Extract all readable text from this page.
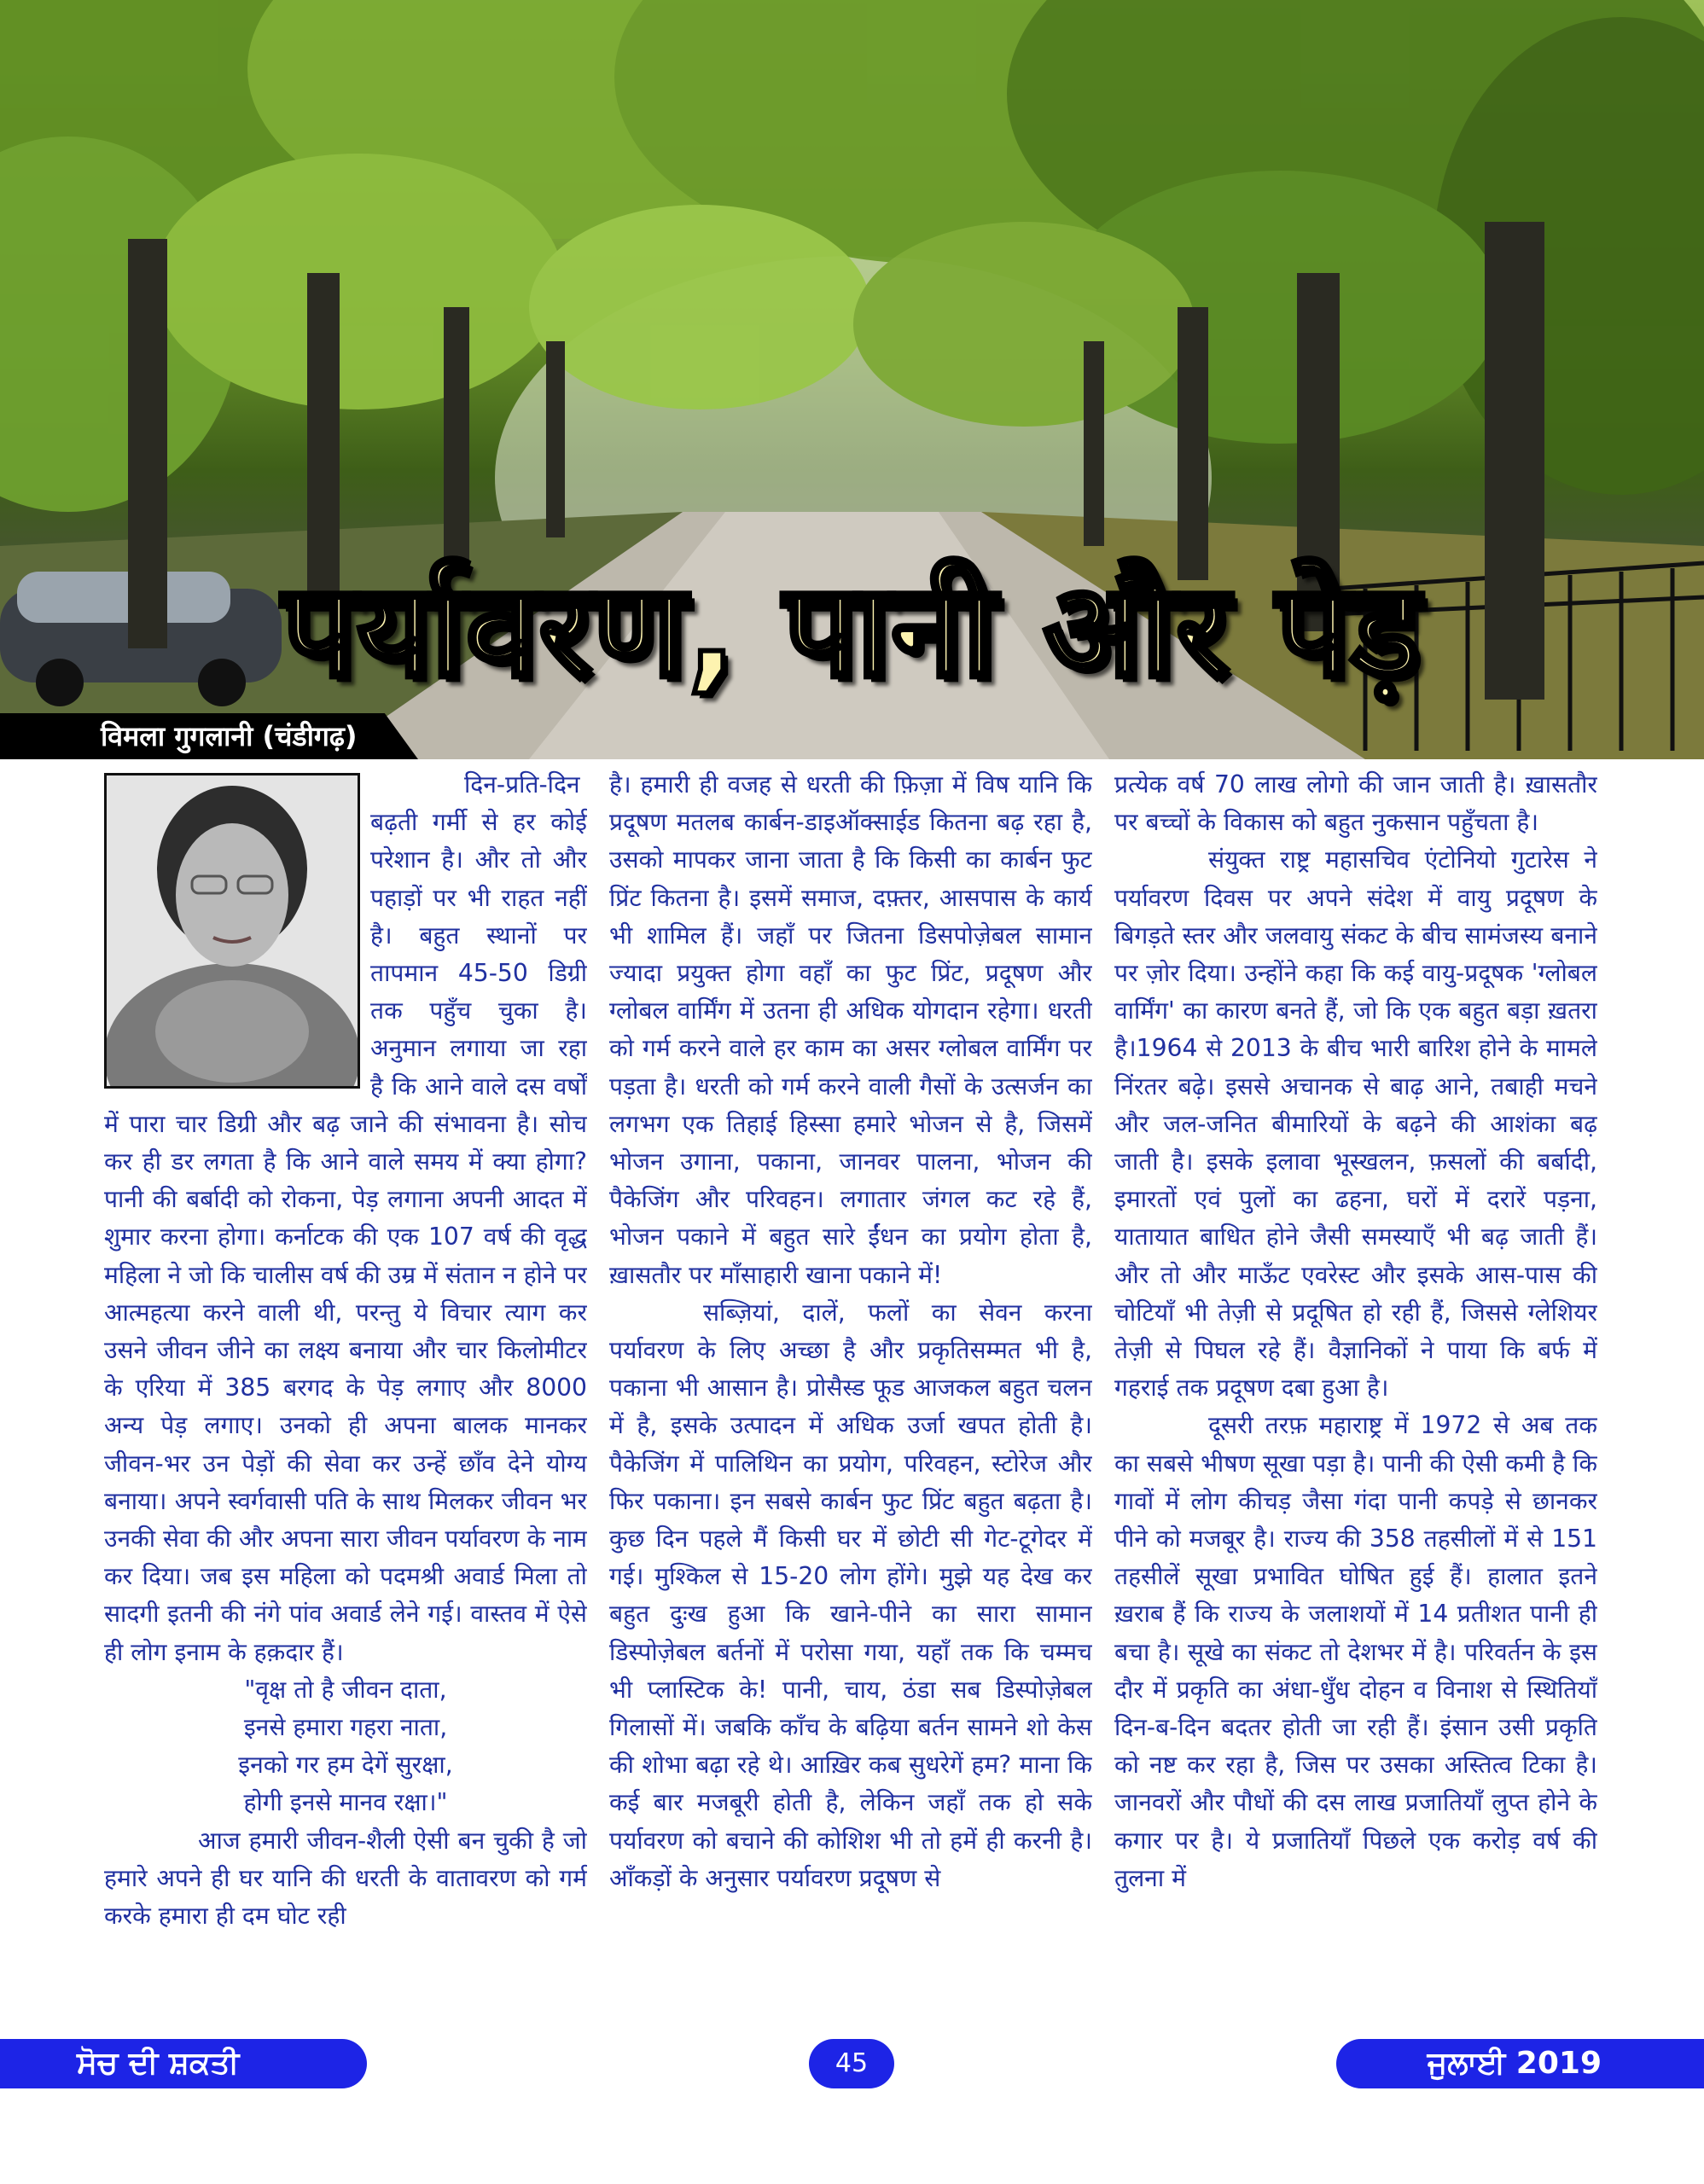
पर्यावरण, पानी और पेड़
विमला गुगलानी (चंडीगढ़)

दिन-प्रति-दिन बढ़ती गर्मी से हर कोई परेशान है। और तो और पहाड़ों पर भी राहत नहीं है। बहुत स्थानों पर तापमान 45-50 डिग्री तक पहुँच चुका है। अनुमान लगाया जा रहा है कि आने वाले दस वर्षों में पारा चार डिग्री और बढ़ जाने की संभावना है। सोच कर ही डर लगता है कि आने वाले समय में क्या होगा? पानी की बर्बादी को रोकना, पेड़ लगाना अपनी आदत में शुमार करना होगा। कर्नाटक की एक 107 वर्ष की वृद्ध महिला ने जो कि चालीस वर्ष की उम्र में संतान न होने पर आत्महत्या करने वाली थी, परन्तु ये विचार त्याग कर उसने जीवन जीने का लक्ष्य बनाया और चार किलोमीटर के एरिया में 385 बरगद के पेड़ लगाए और 8000 अन्य पेड़ लगाए। उनको ही अपना बालक मानकर जीवन-भर उन पेड़ों की सेवा कर उन्हें छाँव देने योग्य बनाया। अपने स्वर्गवासी पति के साथ मिलकर जीवन भर उनकी सेवा की और अपना सारा जीवन पर्यावरण के नाम कर दिया। जब इस महिला को पदमश्री अवार्ड मिला तो सादगी इतनी की नंगे पांव अवार्ड लेने गई। वास्तव में ऐसे ही लोग इनाम के हक़दार हैं।

"वृक्ष तो है जीवन दाता,

इनसे हमारा गहरा नाता,

इनको गर हम देगें सुरक्षा,

होगी इनसे मानव रक्षा।"

आज हमारी जीवन-शैली ऐसी बन चुकी है जो हमारे अपने ही घर यानि की धरती के वातावरण को गर्म करके हमारा ही दम घोट रही

है। हमारी ही वजह से धरती की फ़िज़ा में विष यानि कि प्रदूषण मतलब कार्बन-डाइऑक्साईड कितना बढ़ रहा है, उसको मापकर जाना जाता है कि किसी का कार्बन फुट प्रिंट कितना है। इसमें समाज, दफ़्तर, आसपास के कार्य भी शामिल हैं। जहाँ पर जितना डिसपोज़ेबल सामान ज्यादा प्रयुक्त होगा वहाँ का फुट प्रिंट, प्रदूषण और ग्लोबल वार्मिंग में उतना ही अधिक योगदान रहेगा। धरती को गर्म करने वाले हर काम का असर ग्लोबल वार्मिंग पर पड़ता है। धरती को गर्म करने वाली गैसों के उत्सर्जन का लगभग एक तिहाई हिस्सा हमारे भोजन से है, जिसमें भोजन उगाना, पकाना, जानवर पालना, भोजन की पैकेजिंग और परिवहन। लगातार जंगल कट रहे हैं, भोजन पकाने में बहुत सारे ईंधन का प्रयोग होता है, ख़ासतौर पर माँसाहारी खाना पकाने में!

सब्ज़ियां, दालें, फलों का सेवन करना पर्यावरण के लिए अच्छा है और प्रकृतिसम्मत भी है, पकाना भी आसान है। प्रोसैस्ड फूड आजकल बहुत चलन में है, इसके उत्पादन में अधिक उर्जा खपत होती है। पैकेजिंग में पालिथिन का प्रयोग, परिवहन, स्टोरेज और फिर पकाना। इन सबसे कार्बन फुट प्रिंट बहुत बढ़ता है। कुछ दिन पहले मैं किसी घर में छोटी सी गेट-टूगेदर में गई। मुश्किल से 15-20 लोग होंगे। मुझे यह देख कर बहुत दुःख हुआ कि खाने-पीने का सारा सामान डिस्पोज़ेबल बर्तनों में परोसा गया, यहाँ तक कि चम्मच भी प्लास्टिक के! पानी, चाय, ठंडा सब डिस्पोज़ेबल गिलासों में। जबकि काँच के बढ़िया बर्तन सामने शो केस की शोभा बढ़ा रहे थे। आख़िर कब सुधरेगें हम? माना कि कई बार मजबूरी होती है, लेकिन जहाँ तक हो सके पर्यावरण को बचाने की कोशिश भी तो हमें ही करनी है। आँकड़ों के अनुसार पर्यावरण प्रदूषण से

प्रत्येक वर्ष 70 लाख लोगो की जान जाती है। ख़ासतौर पर बच्चों के विकास को बहुत नुकसान पहुँचता है।

संयुक्त राष्ट्र महासचिव एंटोनियो गुटारेस ने पर्यावरण दिवस पर अपने संदेश में वायु प्रदूषण के बिगड़ते स्तर और जलवायु संकट के बीच सामंजस्य बनाने पर ज़ोर दिया। उन्होंने कहा कि कई वायु-प्रदूषक 'ग्लोबल वार्मिंग' का कारण बनते हैं, जो कि एक बहुत बड़ा ख़तरा है।1964 से 2013 के बीच भारी बारिश होने के मामले निंरतर बढ़े। इससे अचानक से बाढ़ आने, तबाही मचने और जल-जनित बीमारियों के बढ़ने की आशंका बढ़ जाती है। इसके इलावा भूस्खलन, फ़सलों की बर्बादी, इमारतों एवं पुलों का ढहना, घरों में दरारें पड़ना, यातायात बाधित होने जैसी समस्याएँ भी बढ़ जाती हैं। और तो और माऊँट एवरेस्ट और इसके आस-पास की चोटियाँ भी तेज़ी से प्रदूषित हो रही हैं, जिससे ग्लेशियर तेज़ी से पिघल रहे हैं। वैज्ञानिकों ने पाया कि बर्फ में गहराई तक प्रदूषण दबा हुआ है।

दूसरी तरफ़ महाराष्ट्र में 1972 से अब तक का सबसे भीषण सूखा पड़ा है। पानी की ऐसी कमी है कि गावों में लोग कीचड़ जैसा गंदा पानी कपड़े से छानकर पीने को मजबूर है। राज्य की 358 तहसीलों में से 151 तहसीलें सूखा प्रभावित घोषित हुई हैं। हालात इतने ख़राब हैं कि राज्य के जलाशयों में 14 प्रतीशत पानी ही बचा है। सूखे का संकट तो देशभर में है। परिवर्तन के इस दौर में प्रकृति का अंधा-धुँध दोहन व विनाश से स्थितियाँ दिन-ब-दिन बदतर होती जा रही हैं। इंसान उसी प्रकृति को नष्ट कर रहा है, जिस पर उसका अस्तित्व टिका है। जानवरों और पौधों की दस लाख प्रजातियाँ लुप्त होने के कगार पर है। ये प्रजातियाँ पिछले एक करोड़ वर्ष की तुलना में

ਸੋਚ ਦੀ ਸ਼ਕਤੀ	45	ਜੁਲਾਈ 2019
